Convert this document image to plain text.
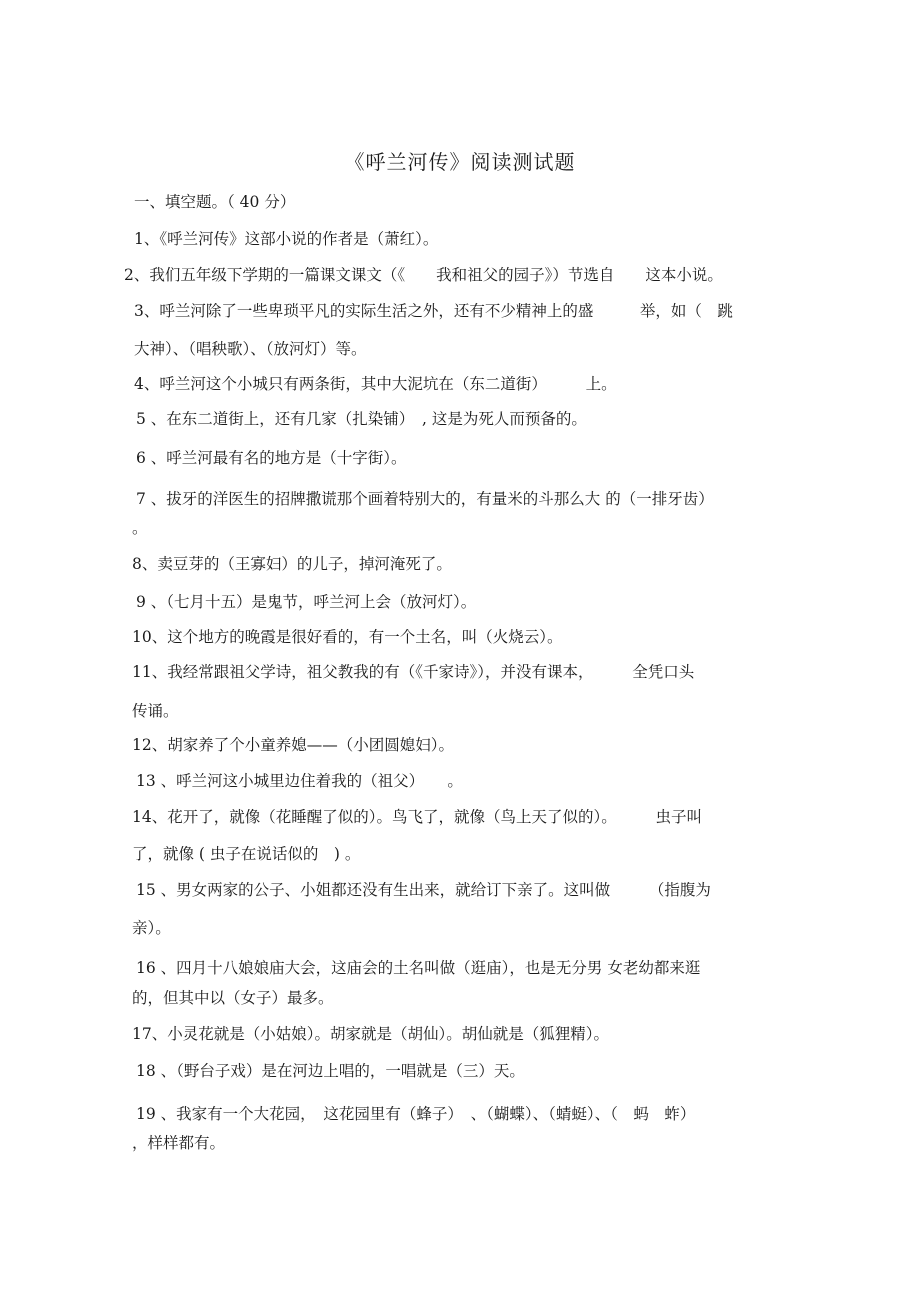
《呼兰河传》阅读测试题
一、填空题。（ 40 分）
1、《呼兰河传》这部小说的作者是（萧红）。
2、我们五年级下学期的一篇课文课文（《　　我和祖父的园子》）节选自　　这本小说。
3、呼兰河除了一些卑琐平凡的实际生活之外，还有不少精神上的盛　　　举，如（　跳
大神）、（唱秧歌）、（放河灯）等。
4、呼兰河这个小城只有两条街，其中大泥坑在（东二道街）　　　上。
5 、在东二道街上，还有几家（扎染铺）　, 这是为死人而预备的。
6 、呼兰河最有名的地方是（十字街）。
7 、拔牙的洋医生的招牌撒谎那个画着特别大的，有量米的斗那么大 的（一排牙齿）
。
8、卖豆芽的（王寡妇）的儿子，掉河淹死了。
9 、（七月十五）是鬼节，呼兰河上会（放河灯）。
10、这个地方的晚霞是很好看的，有一个土名，叫（火烧云）。
11、我经常跟祖父学诗，祖父教我的有（《千家诗》），并没有课本，　　　全凭口头
传诵。
12、胡家养了个小童养媳——（小团圆媳妇）。
13 、呼兰河这小城里边住着我的（祖父）　　。
14、花开了，就像（花睡醒了似的）。鸟飞了，就像（鸟上天了似的）。　　　虫子叫
了，就像 ( 虫子在说话似的　) 。
15 、男女两家的公子、小姐都还没有生出来，就给订下亲了。这叫做　　　（指腹为
亲）。
16 、四月十八娘娘庙大会，这庙会的土名叫做（逛庙），也是无分男 女老幼都来逛
的，但其中以（女子）最多。
17、小灵花就是（小姑娘）。胡家就是（胡仙）。胡仙就是（狐狸精）。
18 、（野台子戏）是在河边上唱的，一唱就是（三）天。
19 、我家有一个大花园，　这花园里有（蜂子）　、（蝴蝶）、（蜻蜓）、（　蚂　蚱）
，样样都有。
